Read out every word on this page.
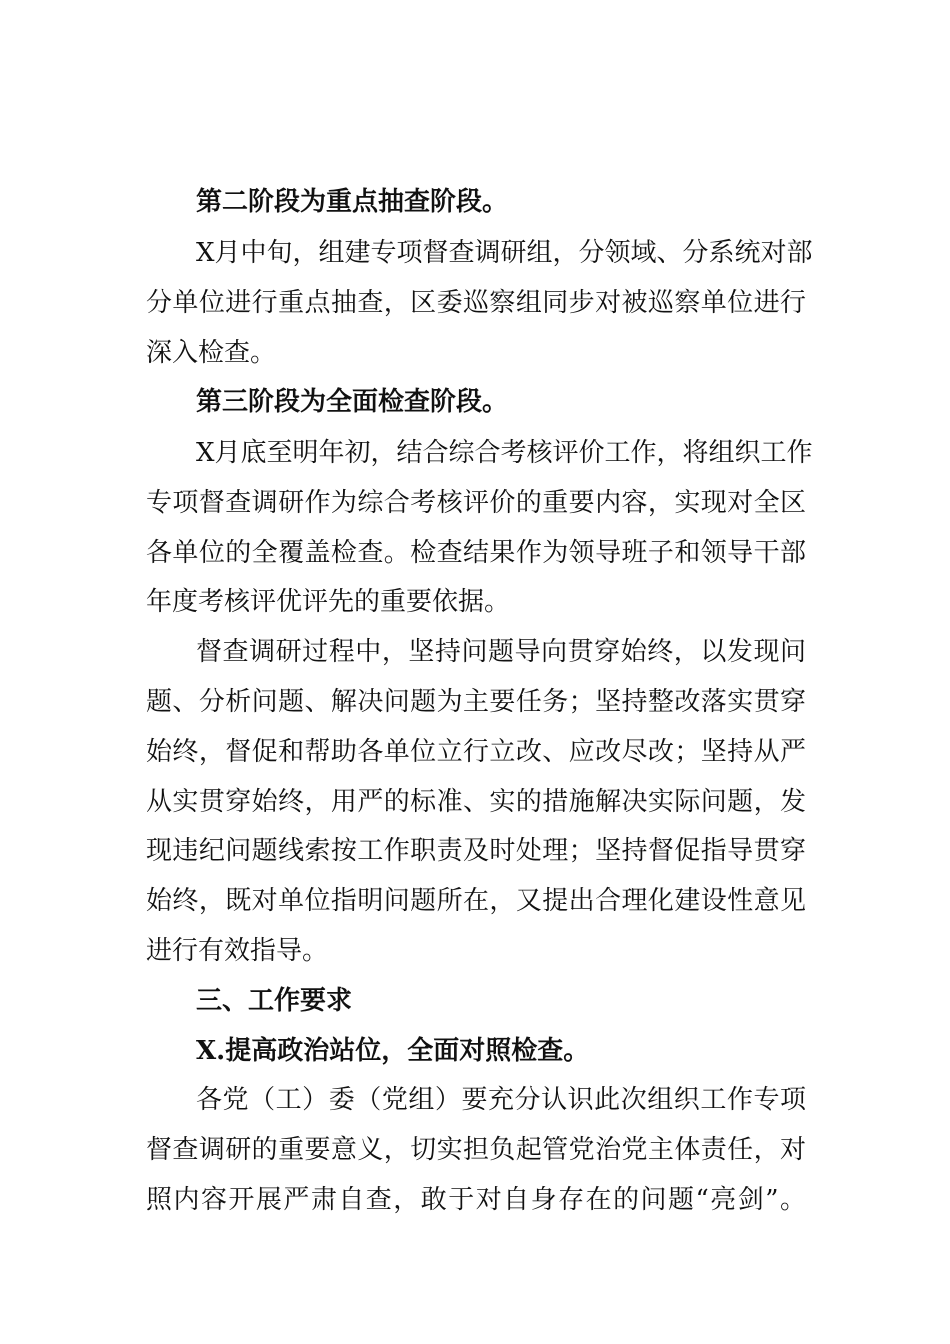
第二阶段为重点抽查阶段。
X月中旬，组建专项督查调研组，分领域、分系统对部
分单位进行重点抽查，区委巡察组同步对被巡察单位进行
深入检查。
第三阶段为全面检查阶段。
X月底至明年初，结合综合考核评价工作，将组织工作
专项督查调研作为综合考核评价的重要内容，实现对全区
各单位的全覆盖检查。检查结果作为领导班子和领导干部
年度考核评优评先的重要依据。
督查调研过程中，坚持问题导向贯穿始终，以发现问
题、分析问题、解决问题为主要任务；坚持整改落实贯穿
始终，督促和帮助各单位立行立改、应改尽改；坚持从严
从实贯穿始终，用严的标准、实的措施解决实际问题，发
现违纪问题线索按工作职责及时处理；坚持督促指导贯穿
始终，既对单位指明问题所在，又提出合理化建设性意见
进行有效指导。
三、工作要求
X.提高政治站位，全面对照检查。
各党（工）委（党组）要充分认识此次组织工作专项
督查调研的重要意义，切实担负起管党治党主体责任，对
照内容开展严肃自查，敢于对自身存在的问题“亮剑”。
